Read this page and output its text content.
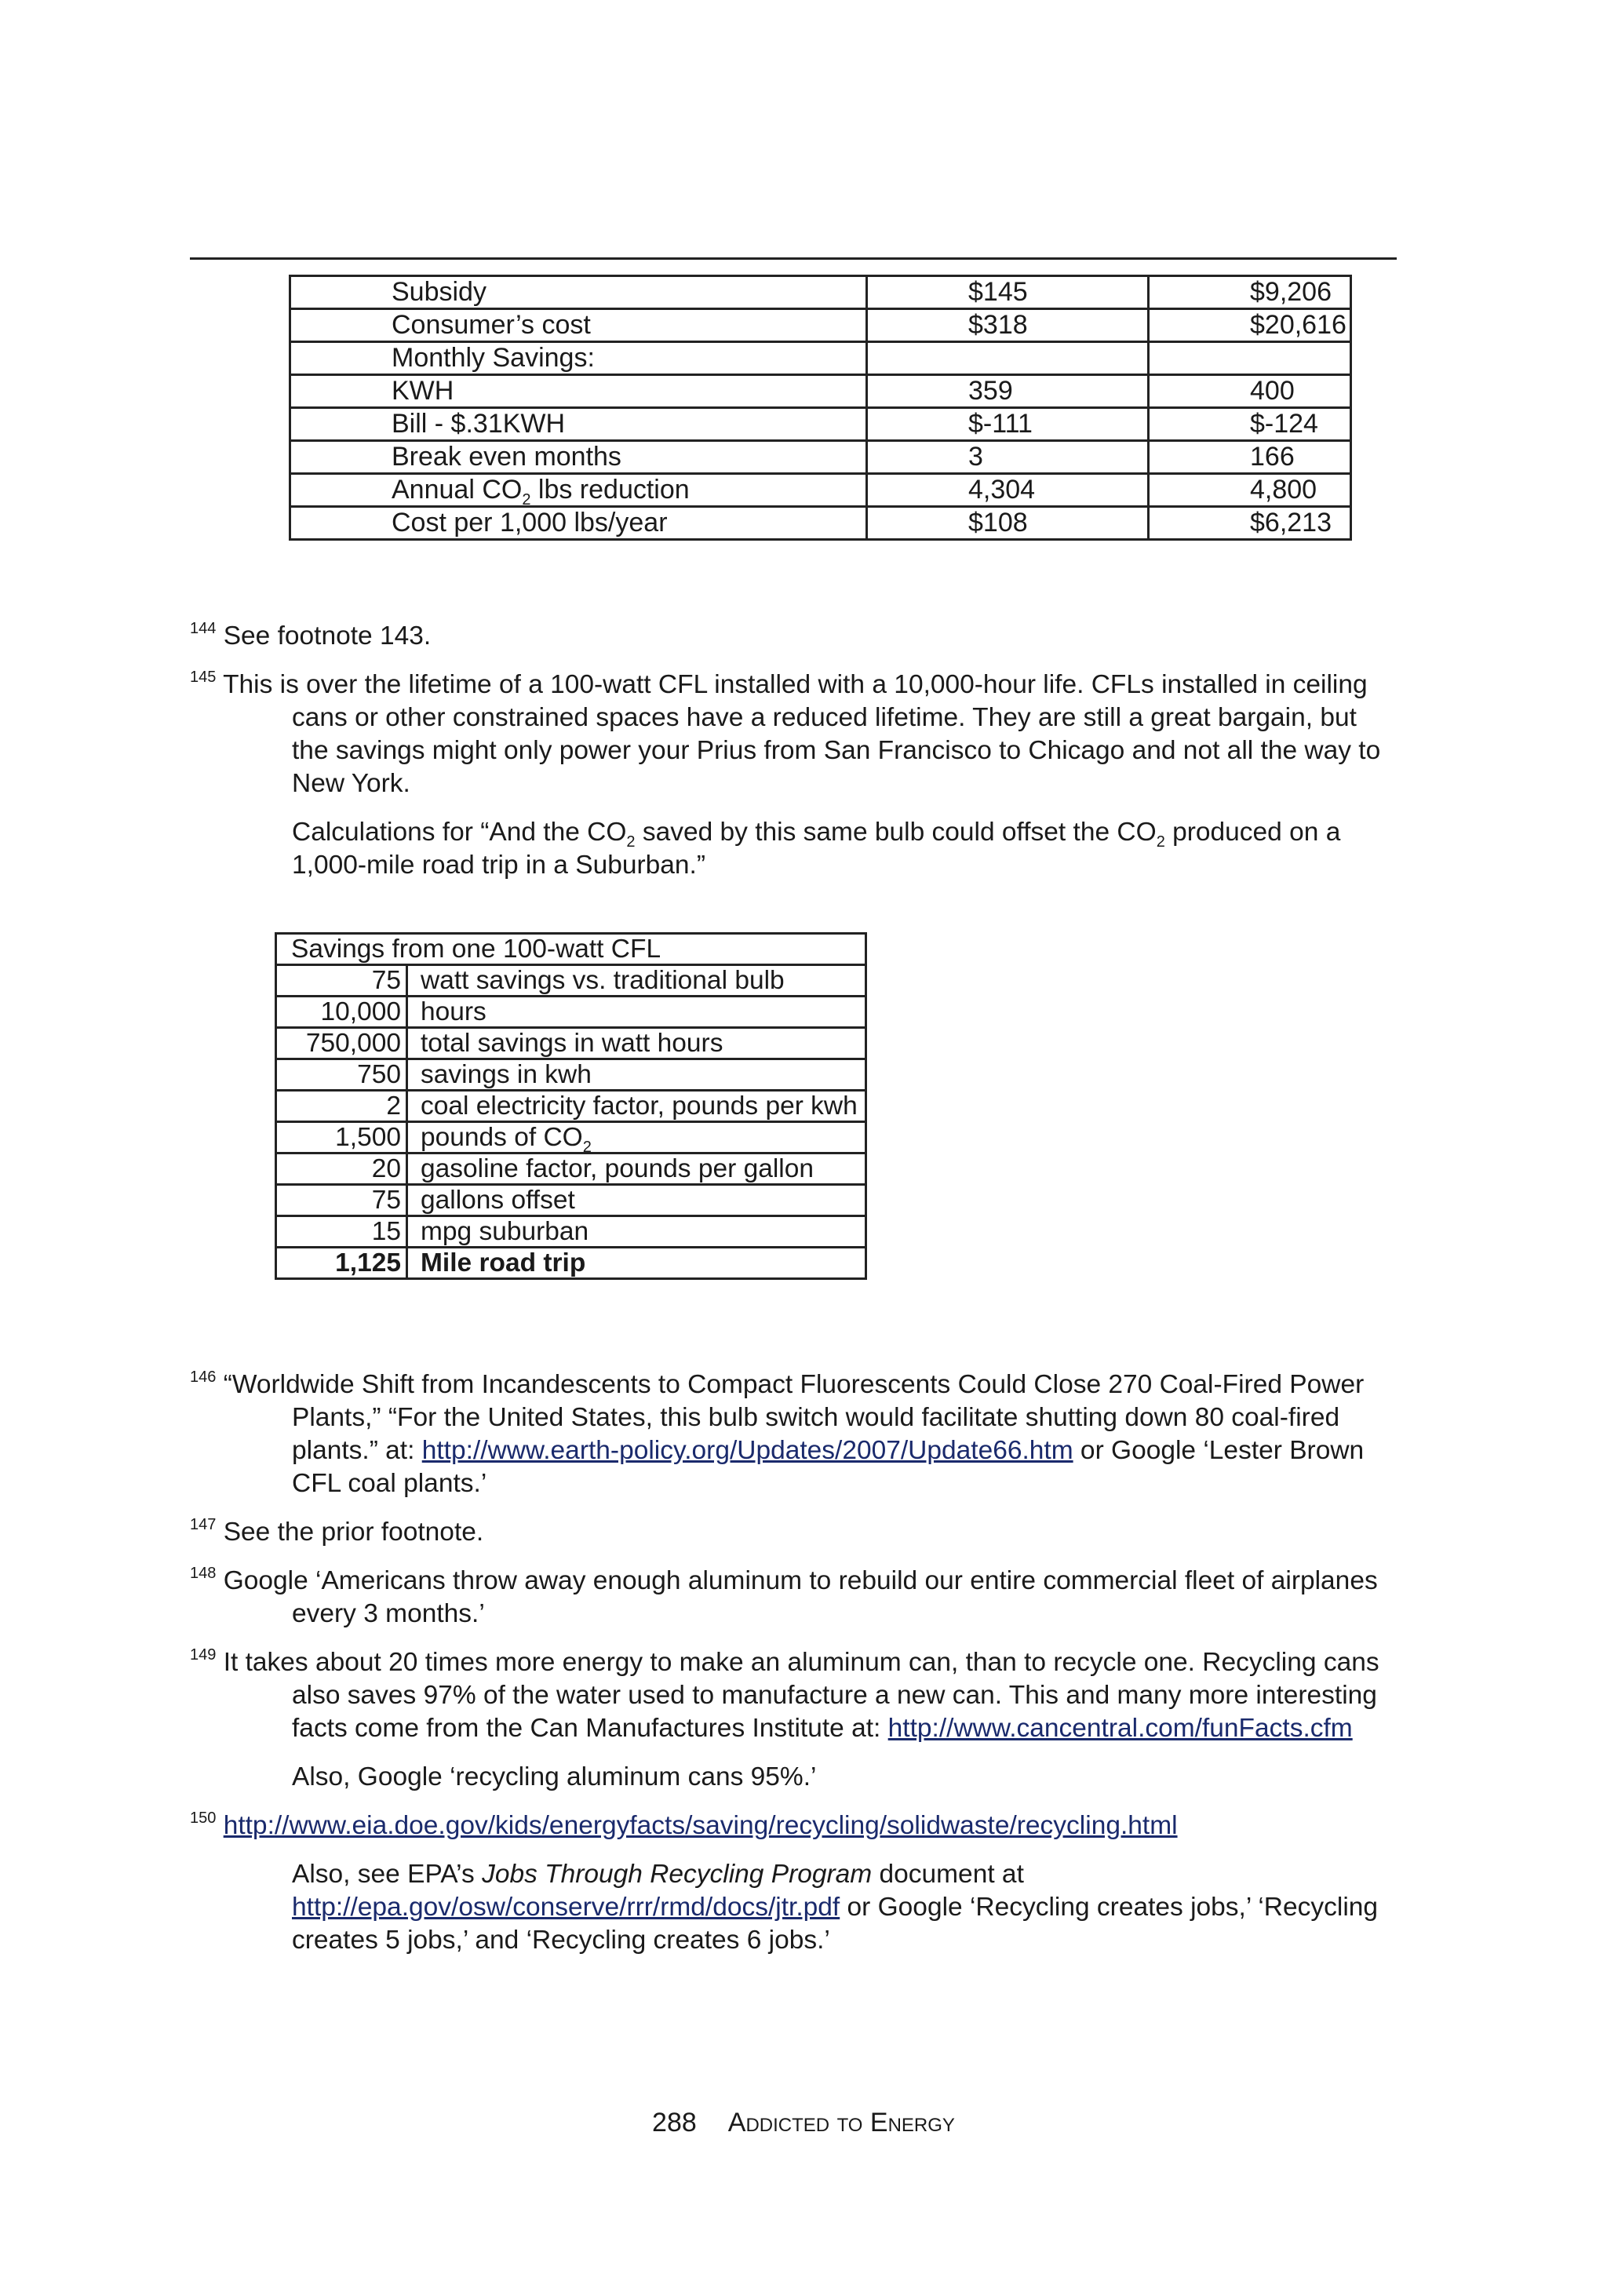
Subsidy	$145	$9,206
Consumer’s cost	$318	$20,616
Monthly Savings:		
KWH	359	400
Bill - $.31KWH	$-111	$-124
Break even months	3	166
Annual $CO_2$ lbs reduction	4,304	4,800
Cost per 1,000 lbs/year	$108	$6,213
$^{144}$ See footnote 143.
$^{145}$ This is over the lifetime of a 100-watt CFL installed with a 10,000-hour life. CFLs installed in ceiling cans or other constrained spaces have a reduced lifetime. They are still a great bargain, but the savings might only power your Prius from San Francisco to Chicago and not all the way to New York.
Calculations for “And the $CO_2$ saved by this same bulb could offset the $CO_2$ produced on a 1,000-mile road trip in a Suburban.”
Savings from one 100-watt CFL	
75	watt savings vs. traditional bulb
10,000	hours
750,000	total savings in watt hours
750	savings in kwh
2	coal electricity factor, pounds per kwh
1,500	pounds of $CO_2$
20	gasoline factor, pounds per gallon
75	gallons offset
15	mpg suburban
1,125	Mile road trip
$^{146}$ “Worldwide Shift from Incandescents to Compact Fluorescents Could Close 270 Coal-Fired Power Plants,” “For the United States, this bulb switch would facilitate shutting down 80 coal-fired plants.” at: http://www.earth-policy.org/Updates/2007/Update66.htm or Google ‘Lester Brown CFL coal plants.’
$^{147}$ See the prior footnote.
$^{148}$ Google ‘Americans throw away enough aluminum to rebuild our entire commercial fleet of airplanes every 3 months.’
$^{149}$ It takes about 20 times more energy to make an aluminum can, than to recycle one. Recycling cans also saves 97% of the water used to manufacture a new can. This and many more interesting facts come from the Can Manufactures Institute at: http://www.cancentral.com/funFacts.cfm
Also, Google ‘recycling aluminum cans 95%.’
$^{150}$ http://www.eia.doe.gov/kids/energyfacts/saving/recycling/solidwaste/recycling.html
Also, see EPA’s Jobs Through Recycling Program document at http://epa.gov/osw/conserve/rrr/rmd/docs/jtr.pdf or Google ‘Recycling creates jobs,’ ‘Recycling creates 5 jobs,’ and ‘Recycling creates 6 jobs.’
288 Addicted to Energy
